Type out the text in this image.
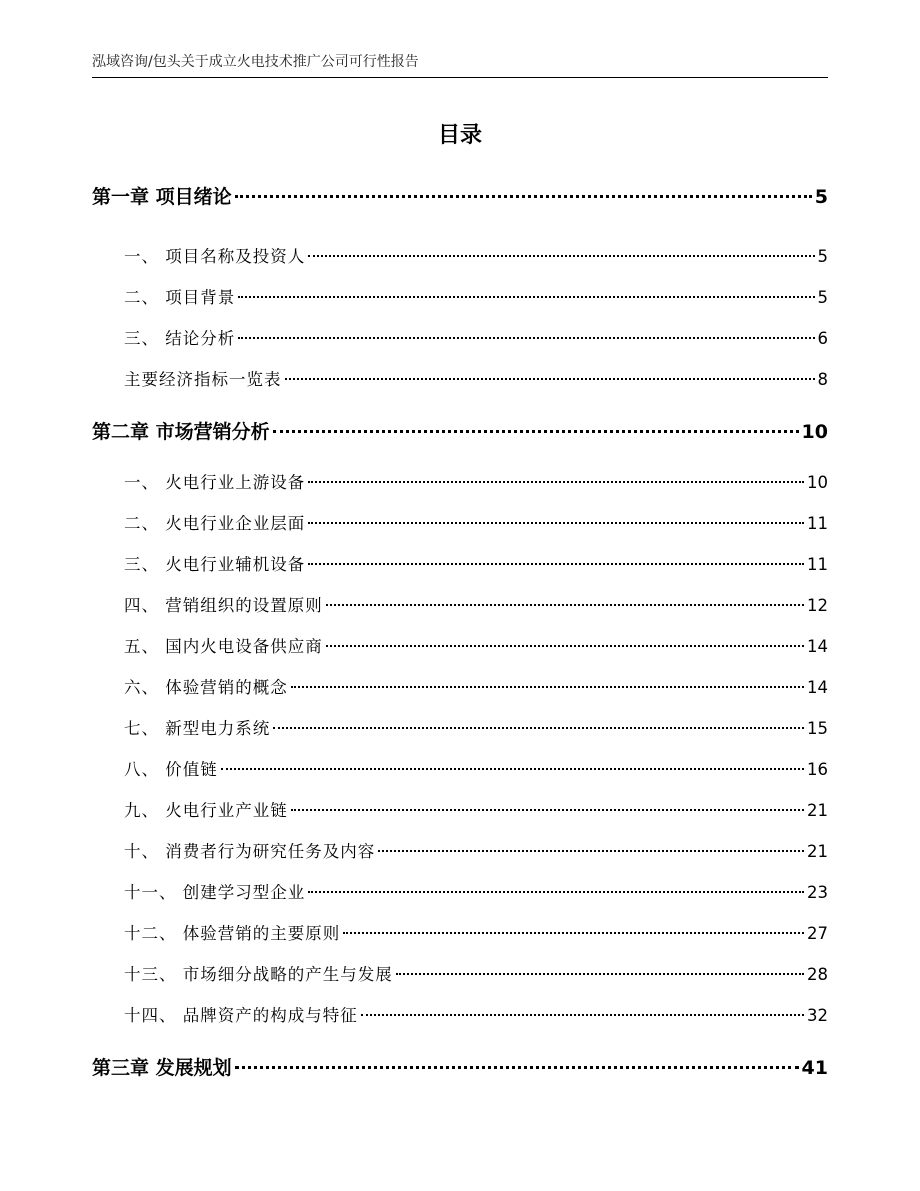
泓域咨询/包头关于成立火电技术推广公司可行性报告
目录
第一章 项目绪论	5
一、 项目名称及投资人	5
二、 项目背景	5
三、 结论分析	6
主要经济指标一览表	8
第二章 市场营销分析	10
一、 火电行业上游设备	10
二、 火电行业企业层面	11
三、 火电行业辅机设备	11
四、 营销组织的设置原则	12
五、 国内火电设备供应商	14
六、 体验营销的概念	14
七、 新型电力系统	15
八、 价值链	16
九、 火电行业产业链	21
十、 消费者行为研究任务及内容	21
十一、 创建学习型企业	23
十二、 体验营销的主要原则	27
十三、 市场细分战略的产生与发展	28
十四、 品牌资产的构成与特征	32
第三章 发展规划	41
